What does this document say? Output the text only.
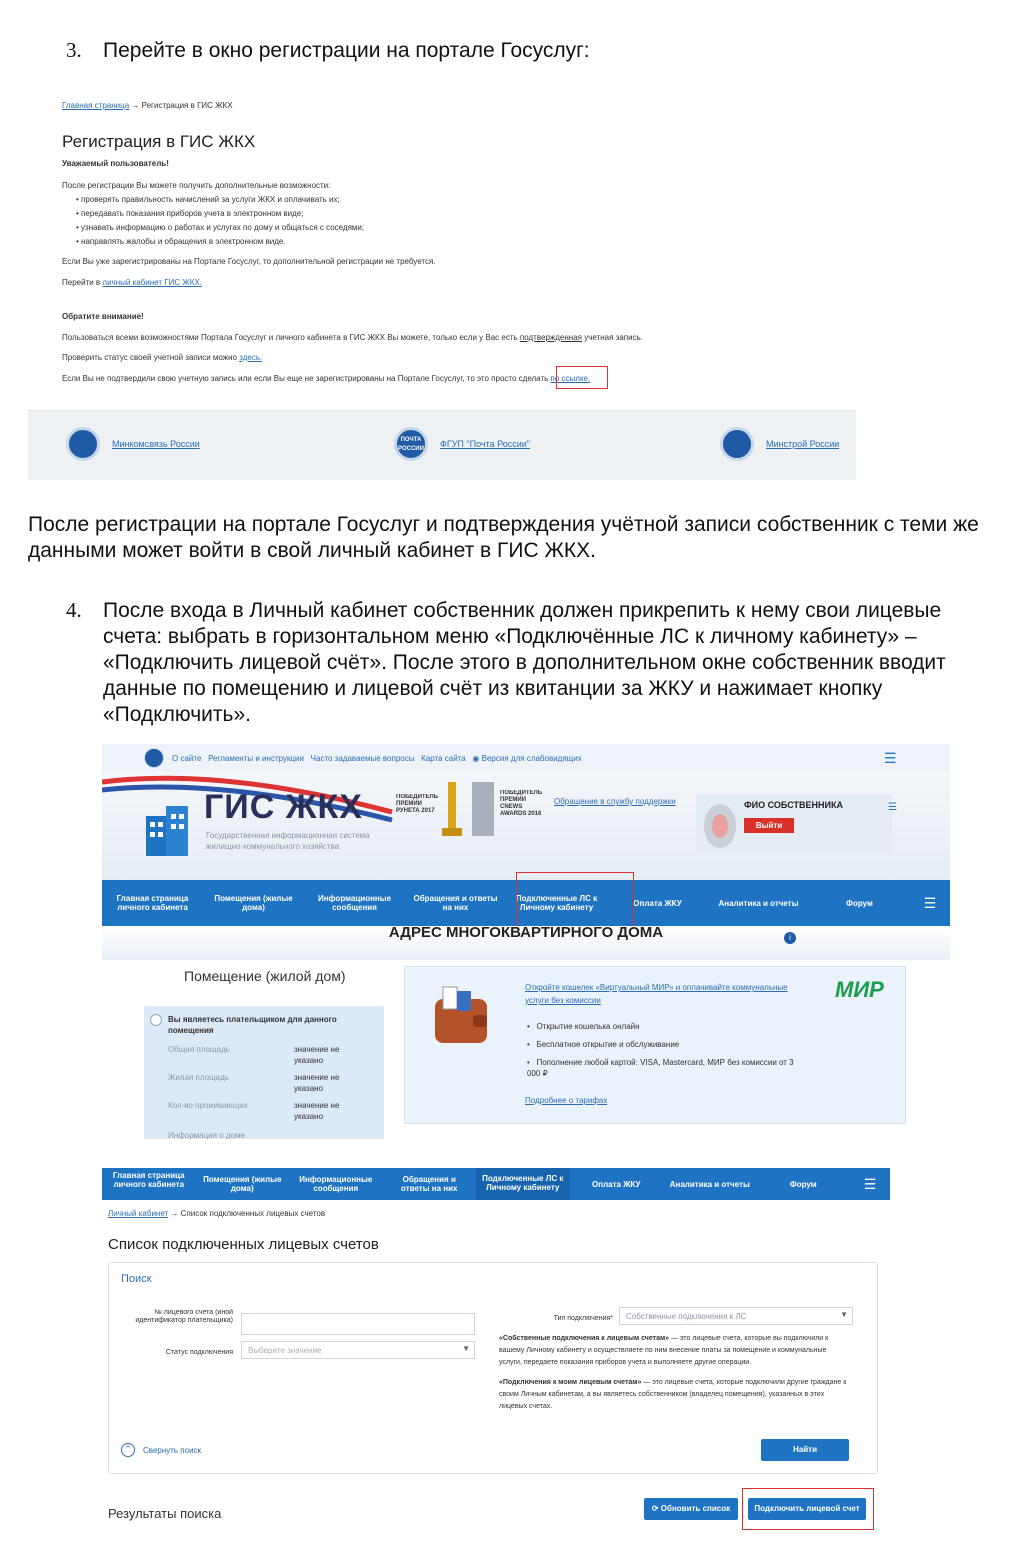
3. Перейте в окно регистрации на портале Госуслуг:
Главная страница → Регистрация в ГИС ЖКХ
Регистрация в ГИС ЖКХ
Уважаемый пользователь!
После регистрации Вы можете получить дополнительные возможности:
• проверять правильность начислений за услуги ЖКХ и оплачивать их;
• передавать показания приборов учета в электронном виде;
• узнавать информацию о работах и услугах по дому и общаться с соседями;
• направлять жалобы и обращения в электронном виде.
Если Вы уже зарегистрированы на Портале Госуслуг, то дополнительной регистрации не требуется.
Перейти в личный кабинет ГИС ЖКХ.
Обратите внимание!
Пользоваться всеми возможностями Портала Госуслуг и личного кабинета в ГИС ЖКХ Вы можете, только если у Вас есть подтвержденная учетная запись.
Проверить статус своей учетной записи можно здесь.
Если Вы не подтвердили свою учетную запись или если Вы еще не зарегистрированы на Портале Госуслуг, то это просто сделать по ссылке.
Минкомсвязь России	ПОЧТА РОССИИ ФГУП "Почта России"	Минстрой России
После регистрации на портале Госуслуг и подтверждения учётной записи собственник с теми же данными может войти в свой личный кабинет в ГИС ЖКХ.
4. После входа в Личный кабинет собственник должен прикрепить к нему свои лицевые счета: выбрать в горизонтальном меню «Подключённые ЛС к личному кабинету» – «Подключить лицевой счёт». После этого в дополнительном окне собственник вводит данные по помещению и лицевой счёт из квитанции за ЖКУ и нажимает кнопку «Подключить».
О сайте Регламенты и инструкции Часто задаваемые вопросы Карта сайта ◉ Версия для слабовидящих	☰
ГИС ЖКХ
Государственная информационная система жилищно-коммунального хозяйства
ПОБЕДИТЕЛЬ ПРЕМИИ РУНЕТА 2017
ПОБЕДИТЕЛЬ ПРЕМИИ CNEWS AWARDS 2016
Обращение в службу поддержки	ФИО СОБСТВЕННИКА
Выйти
☰
Главная страница личного кабинета
Помещения (жилые дома)
Информационные сообщения
Обращения и ответы на них
Подключенные ЛС к Личному кабинету	Оплата ЖКУ	Аналитика и отчеты	Форум	☰
АДРЕС МНОГОКВАРТИРНОГО ДОМА	i
Помещение (жилой дом)
Вы являетесь плательщиком для данного помещения
Общая площадь	значение не указано
Жилая площадь	значение не указано
Кол-во проживающих	значение не указано
Информация о доме
Откройте кошелек «Виртуальный МИР» и оплачивайте коммунальные услуги без комиссии
•   Открытие кошелька онлайн
•   Бесплатное открытие и обслуживание
•   Пополнение любой картой: VISA, Mastercard, МИР без комиссии от 3 000 ₽
Подробнее о тарифах
МИР
Главная страница личного кабинета	Помещения (жилые дома)
Информационные сообщения
Обращения и ответы на них
Подключенные ЛС к Личному кабинету	Оплата ЖКУ	Аналитика и отчеты	Форум	☰
Личный кабинет → Список подключенных лицевых счетов
Список подключенных лицевых счетов
Поиск
№ лицевого счета (иной идентификатор плательщика)
Статус подключения Выберите значение	▼
Тип подключения* Собственные подключения к ЛС	▼
«Собственные подключения к лицевым счетам» — это лицевые счета, которые вы подключили к вашему Личному кабинету и осуществляете по ним внесение платы за помещение и коммунальные услуги, передаете показания приборов учета и выполняете другие операции.
«Подключения к моим лицевым счетам» — это лицевые счета, которые подключили другие граждане к своим Личным кабинетам, а вы являетесь собственником (владелец помещения), указанных в этих лицевых счетах.
⌃	Свернуть поиск	Найти
Результаты поиска	⟳ Обновить список	Подключить лицевой счет
